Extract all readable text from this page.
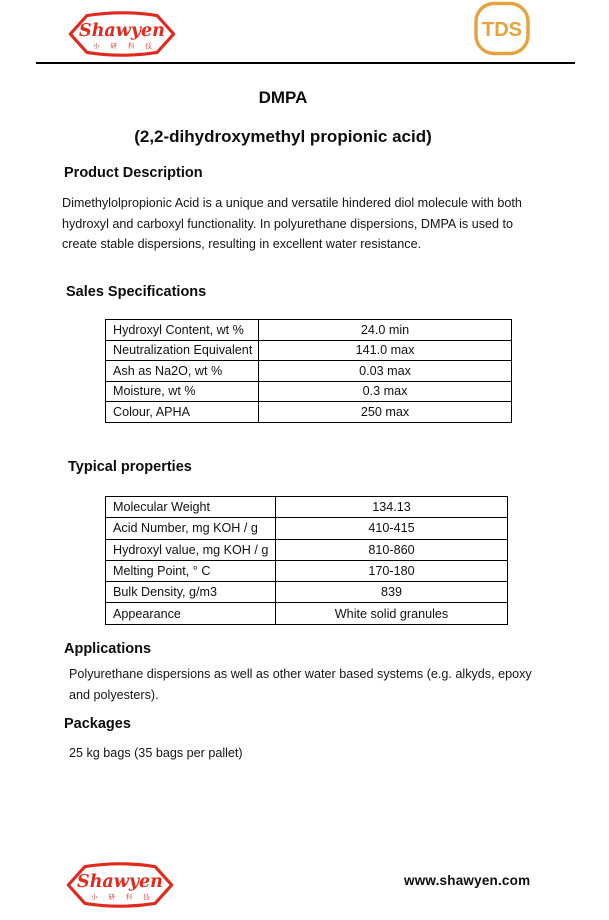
Shawyen
小 研 科 技
TDS
DMPA
(2,2-dihydroxymethyl propionic acid)
Product Description
Dimethylolpropionic Acid is a unique and versatile hindered diol molecule with both hydroxyl and carboxyl functionality. In polyurethane dispersions, DMPA is used to create stable dispersions, resulting in excellent water resistance.
Sales Specifications
Hydroxyl Content, wt %	24.0 min
Neutralization Equivalent	141.0 max
Ash as Na2O, wt %	0.03 max
Moisture, wt %	0.3 max
Colour, APHA	250 max
Typical properties
Molecular Weight	134.13
Acid Number, mg KOH / g	410-415
Hydroxyl value, mg KOH / g	810-860
Melting Point, ° C	170-180
Bulk Density, g/m3	839
Appearance	White solid granules
Applications
Polyurethane dispersions as well as other water based systems (e.g. alkyds, epoxy and polyesters).
Packages
25 kg bags (35 bags per pallet)
Shawyen
小 研 科 技
www.shawyen.com
